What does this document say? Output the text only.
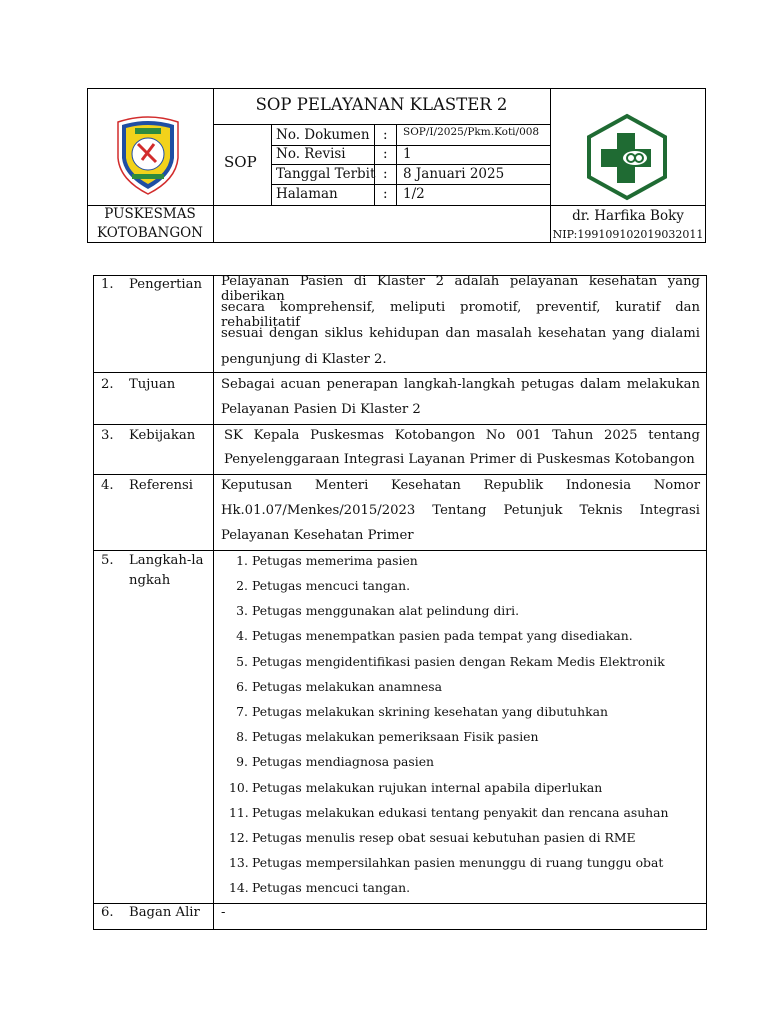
SOP PELAYANAN KLASTER 2
SOP
No. Dokumen : SOP/I/2025/Pkm.Koti/008
No. Revisi	: 1
Tanggal Terbit : 8 Januari 2025
Halaman	: 1/2
PUSKESMAS
KOTOBANGON
dr. Harfika Boky
NIP:199109102019032011
1. Pengertian Pelayanan Pasien di Klaster 2 adalah pelayanan kesehatan yang diberikan
secara komprehensif, meliputi promotif, preventif, kuratif dan rehabilitatif
sesuai dengan siklus kehidupan dan masalah kesehatan yang dialami
pengunjung di Klaster 2.
2. Tujuan	Sebagai acuan penerapan langkah-langkah petugas dalam melakukan
Pelayanan Pasien Di Klaster 2
3. Kebijakan SK Kepala Puskesmas Kotobangon No 001 Tahun 2025 tentang
Penyelenggaraan Integrasi Layanan Primer di Puskesmas Kotobangon
4. Referensi Keputusan Menteri Kesehatan Republik Indonesia Nomor
Hk.01.07/Menkes/2015/2023 Tentang Petunjuk Teknis Integrasi
Pelayanan Kesehatan Primer
5. Langkah-la
ngkah
1. Petugas memerima pasien
2. Petugas mencuci tangan.
3. Petugas menggunakan alat pelindung diri.
4. Petugas menempatkan pasien pada tempat yang disediakan.
5. Petugas mengidentifikasi pasien dengan Rekam Medis Elektronik
6. Petugas melakukan anamnesa
7. Petugas melakukan skrining kesehatan yang dibutuhkan
8. Petugas melakukan pemeriksaan Fisik pasien
9. Petugas mendiagnosa pasien
10. Petugas melakukan rujukan internal apabila diperlukan
11. Petugas melakukan edukasi tentang penyakit dan rencana asuhan
12. Petugas menulis resep obat sesuai kebutuhan pasien di RME
13. Petugas mempersilahkan pasien menunggu di ruang tunggu obat
14. Petugas mencuci tangan.
6. Bagan Alir -
